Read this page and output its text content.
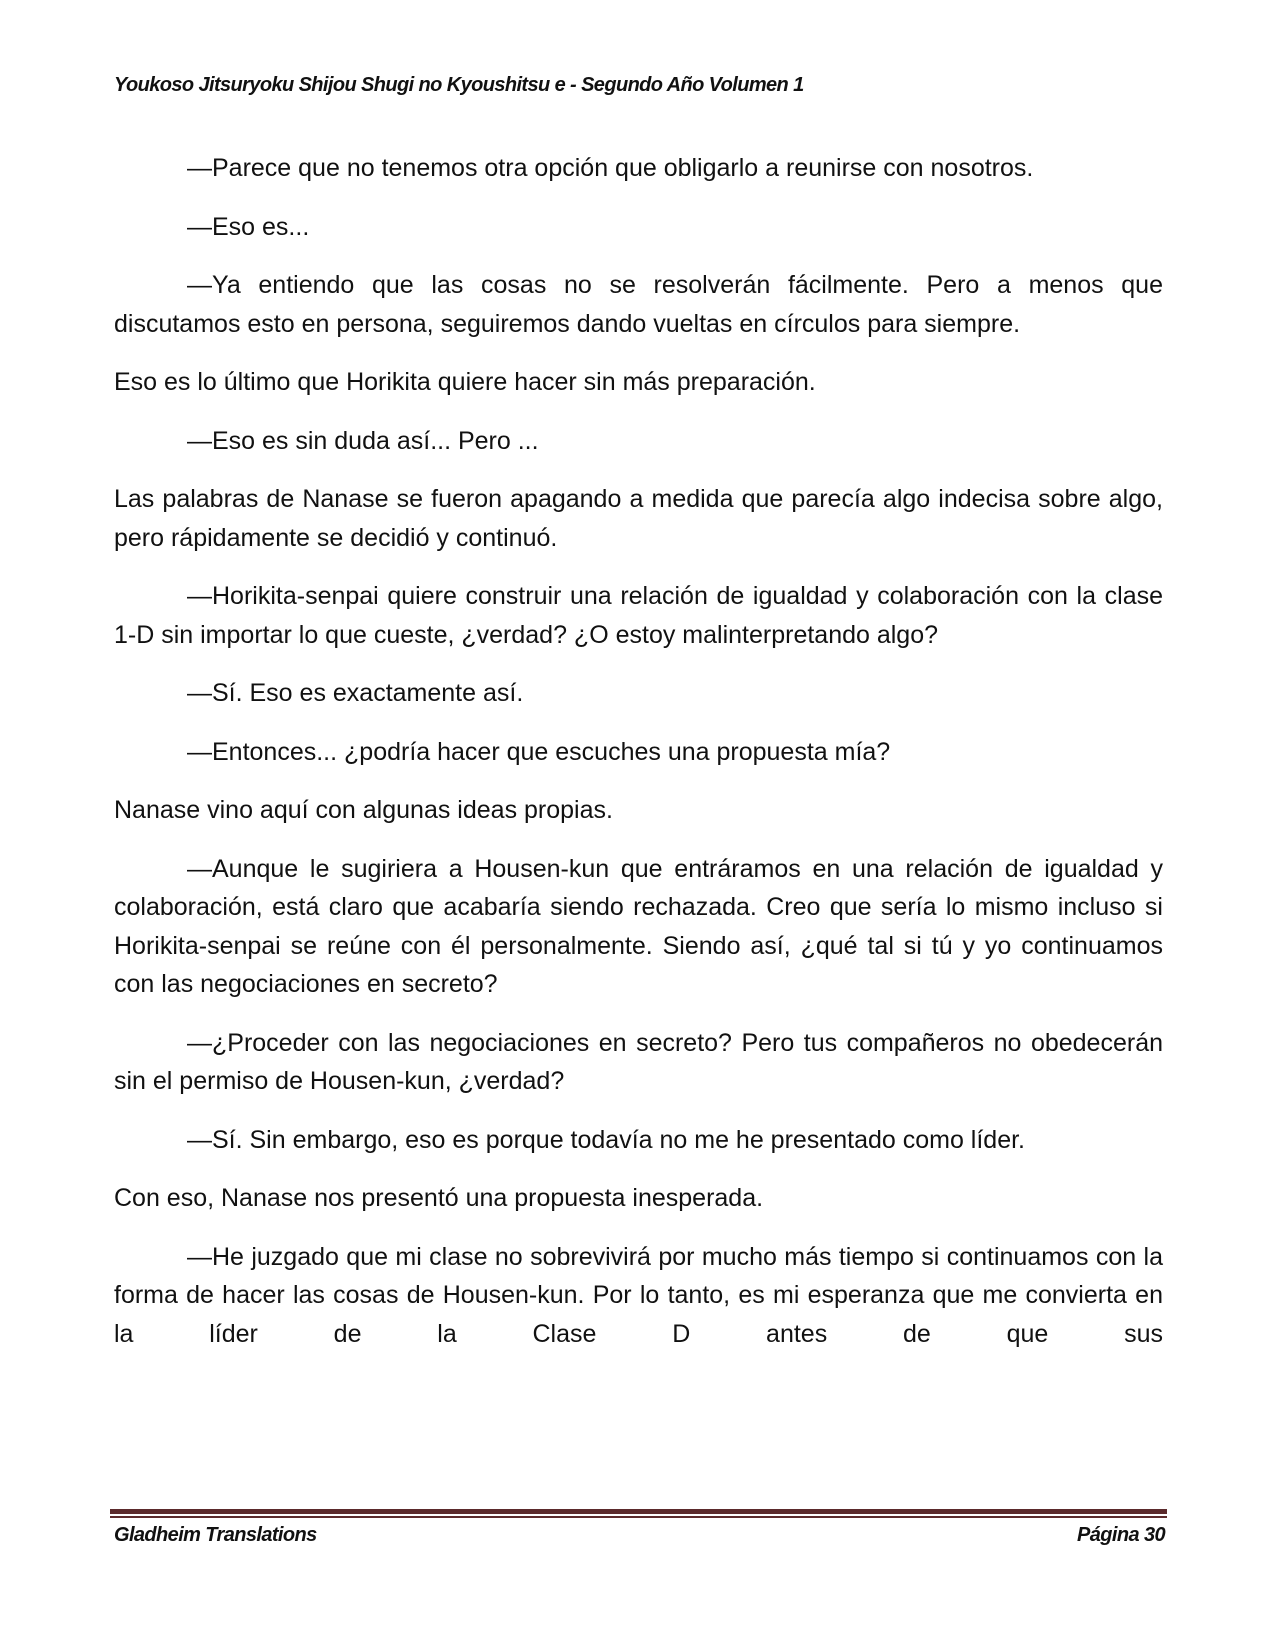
Youkoso Jitsuryoku Shijou Shugi no Kyoushitsu e - Segundo Año Volumen 1

—Parece que no tenemos otra opción que obligarlo a reunirse con nosotros.

—Eso es...

—Ya entiendo que las cosas no se resolverán fácilmente. Pero a menos que discutamos esto en persona, seguiremos dando vueltas en círculos para siempre.

Eso es lo último que Horikita quiere hacer sin más preparación.

—Eso es sin duda así... Pero ...

Las palabras de Nanase se fueron apagando a medida que parecía algo indecisa sobre algo, pero rápidamente se decidió y continuó.

—Horikita-senpai quiere construir una relación de igualdad y colaboración con la clase 1-D sin importar lo que cueste, ¿verdad? ¿O estoy malinterpretando algo?

—Sí. Eso es exactamente así.

—Entonces... ¿podría hacer que escuches una propuesta mía?

Nanase vino aquí con algunas ideas propias.

—Aunque le sugiriera a Housen-kun que entráramos en una relación de igualdad y colaboración, está claro que acabaría siendo rechazada. Creo que sería lo mismo incluso si Horikita-senpai se reúne con él personalmente. Siendo así, ¿qué tal si tú y yo continuamos con las negociaciones en secreto?

—¿Proceder con las negociaciones en secreto? Pero tus compañeros no obedecerán sin el permiso de Housen-kun, ¿verdad?

—Sí. Sin embargo, eso es porque todavía no me he presentado como líder.

Con eso, Nanase nos presentó una propuesta inesperada.

—He juzgado que mi clase no sobrevivirá por mucho más tiempo si continuamos con la forma de hacer las cosas de Housen-kun. Por lo tanto, es mi esperanza que me convierta en la líder de la Clase D antes de que sus

Gladheim Translations	Página 30
